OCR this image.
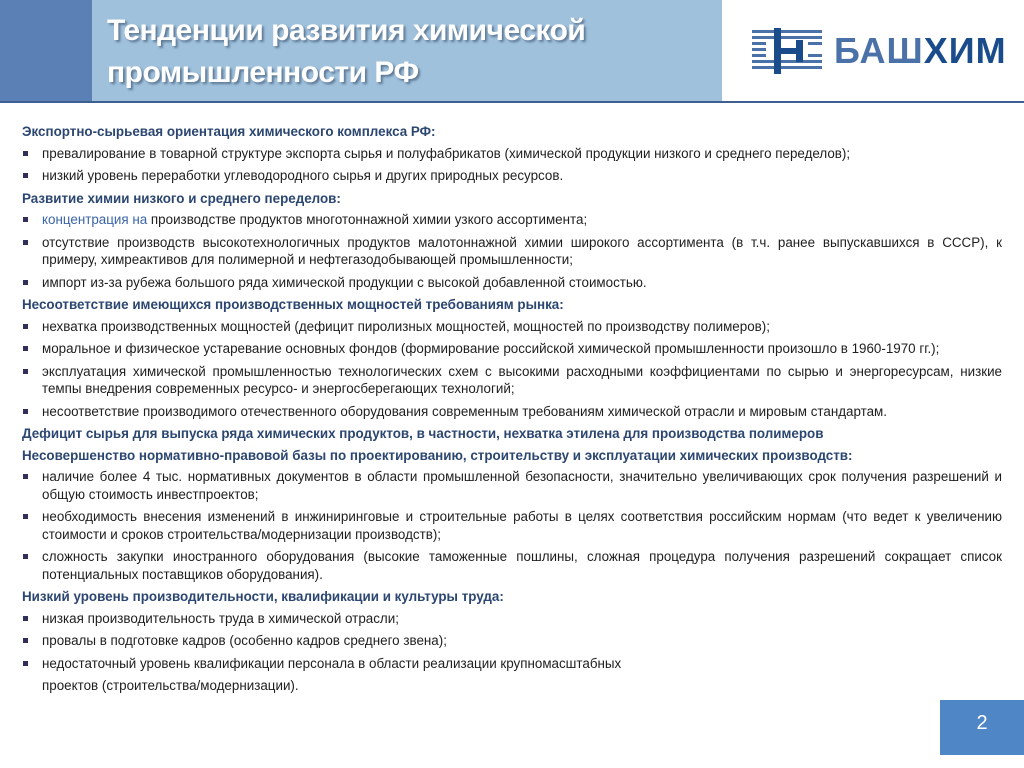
Тенденции развития химической
промышленности РФ
БАШХИМ
Экспортно-сырьевая ориентация химического комплекса РФ:
превалирование в товарной структуре экспорта сырья и полуфабрикатов (химической продукции низкого и среднего переделов);
низкий уровень переработки углеводородного сырья и других природных ресурсов.
Развитие химии низкого и среднего переделов:
концентрация на производстве продуктов многотоннажной химии узкого ассортимента;
отсутствие производств высокотехнологичных продуктов малотоннажной химии широкого ассортимента (в т.ч. ранее выпускавшихся в СССР), к примеру, химреактивов для полимерной и нефтегазодобывающей промышленности;
импорт из-за рубежа большого ряда химической продукции с высокой добавленной стоимостью.
Несоответствие имеющихся производственных мощностей требованиям рынка:
нехватка производственных мощностей (дефицит пиролизных мощностей, мощностей по производству полимеров);
моральное и физическое устаревание основных фондов (формирование российской химической промышленности произошло в 1960-1970 гг.);
эксплуатация химической промышленностью технологических схем с высокими расходными коэффициентами по сырью и энергоресурсам, низкие темпы внедрения современных ресурсо- и энергосберегающих технологий;
несоответствие производимого отечественного оборудования современным требованиям химической отрасли и мировым стандартам.
Дефицит сырья для выпуска ряда химических продуктов, в частности, нехватка этилена для производства полимеров
Несовершенство нормативно-правовой базы по проектированию, строительству и эксплуатации химических производств:
наличие более 4 тыс. нормативных документов в области промышленной безопасности, значительно увеличивающих срок получения разрешений и общую стоимость инвестпроектов;
необходимость внесения изменений в инжиниринговые и строительные работы в целях соответствия российским нормам (что ведет к увеличению стоимости и сроков строительства/модернизации производств);
сложность закупки иностранного оборудования (высокие таможенные пошлины, сложная процедура получения разрешений сокращает список потенциальных поставщиков оборудования).
Низкий уровень производительности, квалификации и культуры труда:
низкая производительность труда в химической отрасли;
провалы в подготовке кадров (особенно кадров среднего звена);
недостаточный уровень квалификации персонала в области реализации крупномасштабных
проектов (строительства/модернизации).
2
